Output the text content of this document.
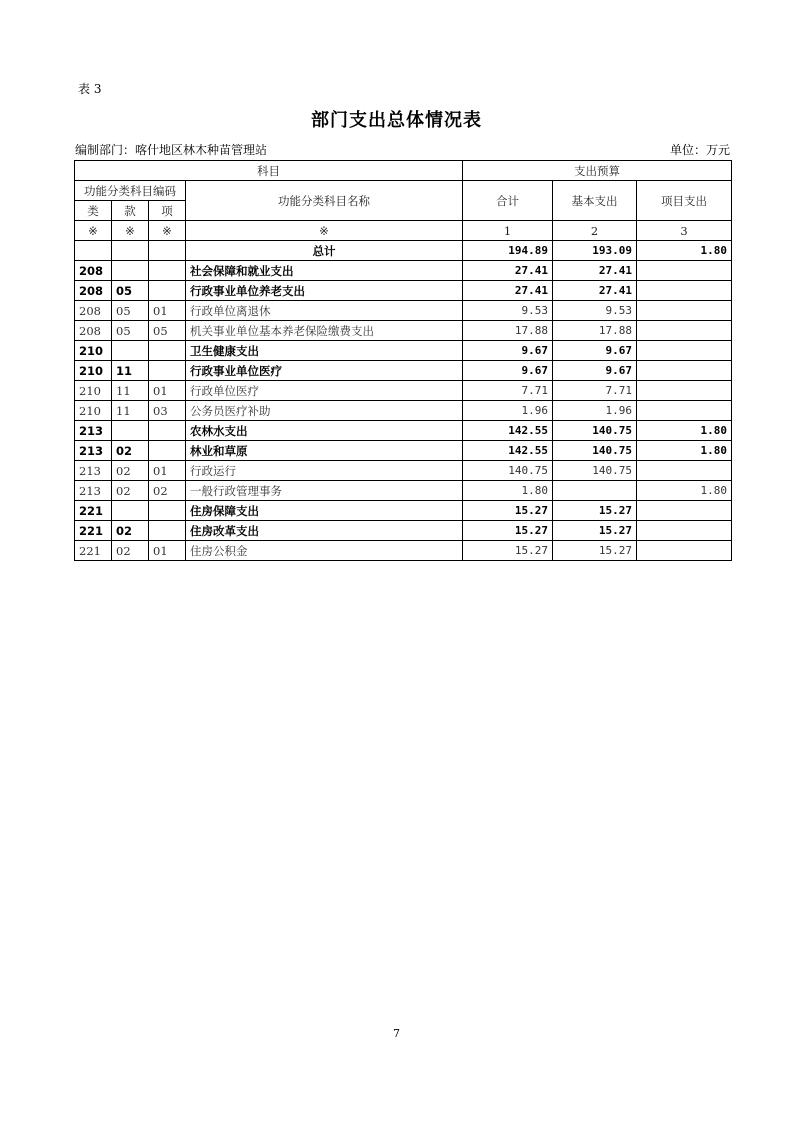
表 3
部门支出总体情况表
编制部门：喀什地区林木种苗管理站	单位：万元
科目				支出预算		
功能分类科目编码			功能分类科目名称	合计	基本支出	项目支出
类	款	项				
※	※	※	※	1	2	3
			总计	194.89	193.09	1.80
208			社会保障和就业支出	27.41	27.41	
208	05		行政事业单位养老支出	27.41	27.41	
208	05	01	行政单位离退休	9.53	9.53	
208	05	05	机关事业单位基本养老保险缴费支出	17.88	17.88	
210			卫生健康支出	9.67	9.67	
210	11		行政事业单位医疗	9.67	9.67	
210	11	01	行政单位医疗	7.71	7.71	
210	11	03	公务员医疗补助	1.96	1.96	
213			农林水支出	142.55	140.75	1.80
213	02		林业和草原	142.55	140.75	1.80
213	02	01	行政运行	140.75	140.75	
213	02	02	一般行政管理事务	1.80		1.80
221			住房保障支出	15.27	15.27	
221	02		住房改革支出	15.27	15.27	
221	02	01	住房公积金	15.27	15.27	
7
